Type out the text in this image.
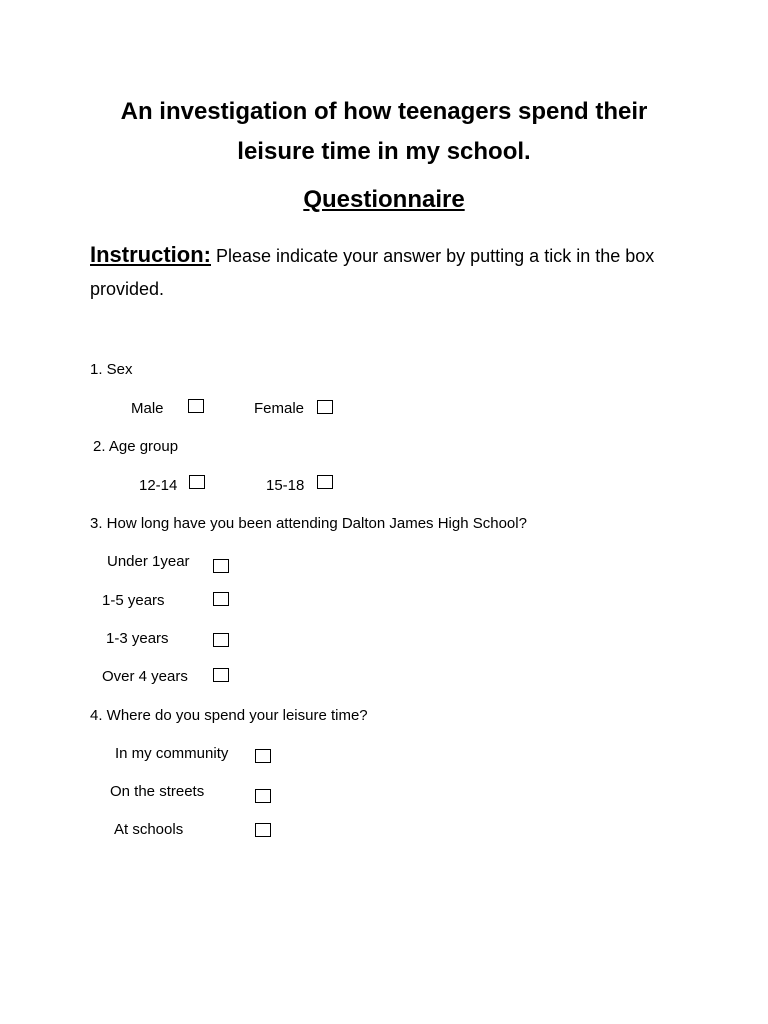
An investigation of how teenagers spend their
leisure time in my school.
Questionnaire
Instruction: Please indicate your answer by putting a tick in the box provided.
1. Sex
Male	Female
2. Age group
12-14	15-18
3. How long have you been attending Dalton James High School?
Under 1year
1-5 years
1-3 years
Over 4 years
4. Where do you spend your leisure time?
In my community
On the streets
At schools
